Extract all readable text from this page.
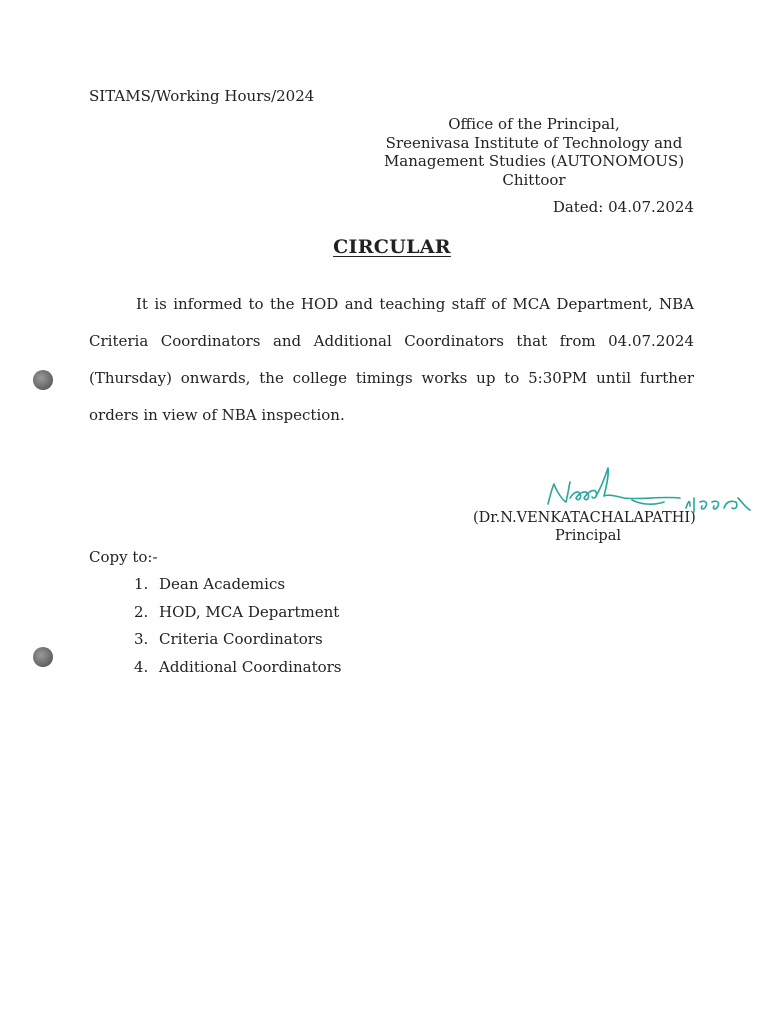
SITAMS/Working Hours/2024
Office of the Principal,
Sreenivasa Institute of Technology and
Management Studies (AUTONOMOUS)
Chittoor
Dated: 04.07.2024
CIRCULAR

It is informed to the HOD and teaching staff of MCA Department, NBA Criteria Coordinators and Additional Coordinators that from 04.07.2024 (Thursday) onwards, the college timings works up to 5:30PM until further orders in view of NBA inspection.

(Dr.N.VENKATACHALAPATHI)
Principal
Copy to:-
1. Dean Academics
2. HOD, MCA Department
3. Criteria Coordinators
4. Additional Coordinators
